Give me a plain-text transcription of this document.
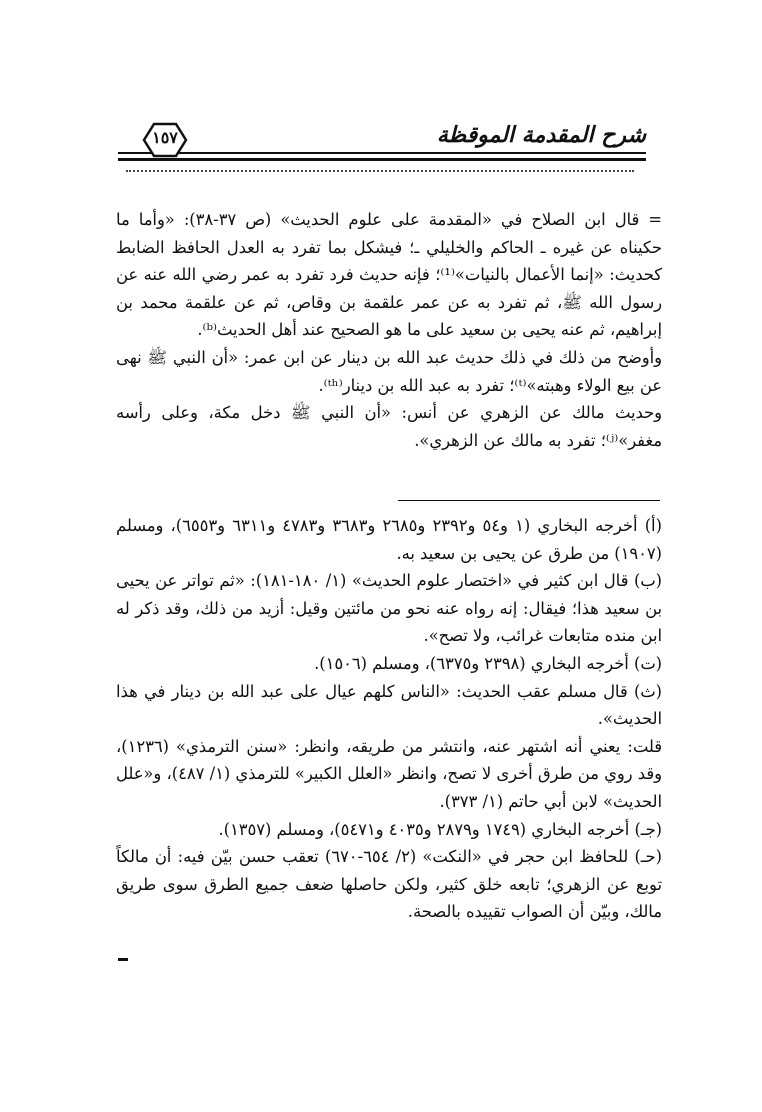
شرح المقدمة الموقظة
١٥٧

= قال ابن الصلاح في «المقدمة على علوم الحديث» (ص ٣٧-٣٨): «وأما ما حكيناه عن غيره ـ الحاكم والخليلي ـ؛ فيشكل بما تفرد به العدل الحافظ الضابط كحديث: «إنما الأعمال بالنيات»⁽¹⁾؛ فإنه حديث فرد تفرد به عمر رضي الله عنه عن رسول الله ﷺ، ثم تفرد به عن عمر علقمة بن وقاص، ثم عن علقمة محمد بن إبراهيم، ثم عنه يحيى بن سعيد على ما هو الصحيح عند أهل الحديث⁽ᵇ⁾.

وأوضح من ذلك في ذلك حديث عبد الله بن دينار عن ابن عمر: «أن النبي ﷺ نهى عن بيع الولاء وهبته»⁽ᵗ⁾؛ تفرد به عبد الله بن دينار⁽ᵗʰ⁾.

وحديث مالك عن الزهري عن أنس: «أن النبي ﷺ دخل مكة، وعلى رأسه مغفر»⁽ʲ⁾؛ تفرد به مالك عن الزهري».

(أ) أخرجه البخاري (١ و٥٤ و٢٣٩٢ و٢٦٨٥ و٣٦٨٣ و٤٧٨٣ و٦٣١١ و٦٥٥٣)، ومسلم (١٩٠٧) من طرق عن يحيى بن سعيد به.

(ب) قال ابن كثير في «اختصار علوم الحديث» (١/ ١٨٠-١٨١): «ثم تواتر عن يحيى بن سعيد هذا؛ فيقال: إنه رواه عنه نحو من مائتين وقيل: أزيد من ذلك، وقد ذكر له ابن منده متابعات غرائب، ولا تصح».

(ت) أخرجه البخاري (٢٣٩٨ و٦٣٧٥)، ومسلم (١٥٠٦).

(ث) قال مسلم عقب الحديث: «الناس كلهم عيال على عبد الله بن دينار في هذا الحديث».

قلت: يعني أنه اشتهر عنه، وانتشر من طريقه، وانظر: «سنن الترمذي» (١٢٣٦)، وقد روي من طرق أخرى لا تصح، وانظر «العلل الكبير» للترمذي (١/ ٤٨٧)، و«علل الحديث» لابن أبي حاتم (١/ ٣٧٣).

(جـ) أخرجه البخاري (١٧٤٩ و٢٨٧٩ و٤٠٣٥ و٥٤٧١)، ومسلم (١٣٥٧).

(حـ) للحافظ ابن حجر في «النكت» (٢/ ٦٥٤-٦٧٠) تعقب حسن بيّن فيه: أن مالكاً توبع عن الزهري؛ تابعه خلق كثير، ولكن حاصلها ضعف جميع الطرق سوى طريق مالك، وبيّن أن الصواب تقييده بالصحة.
